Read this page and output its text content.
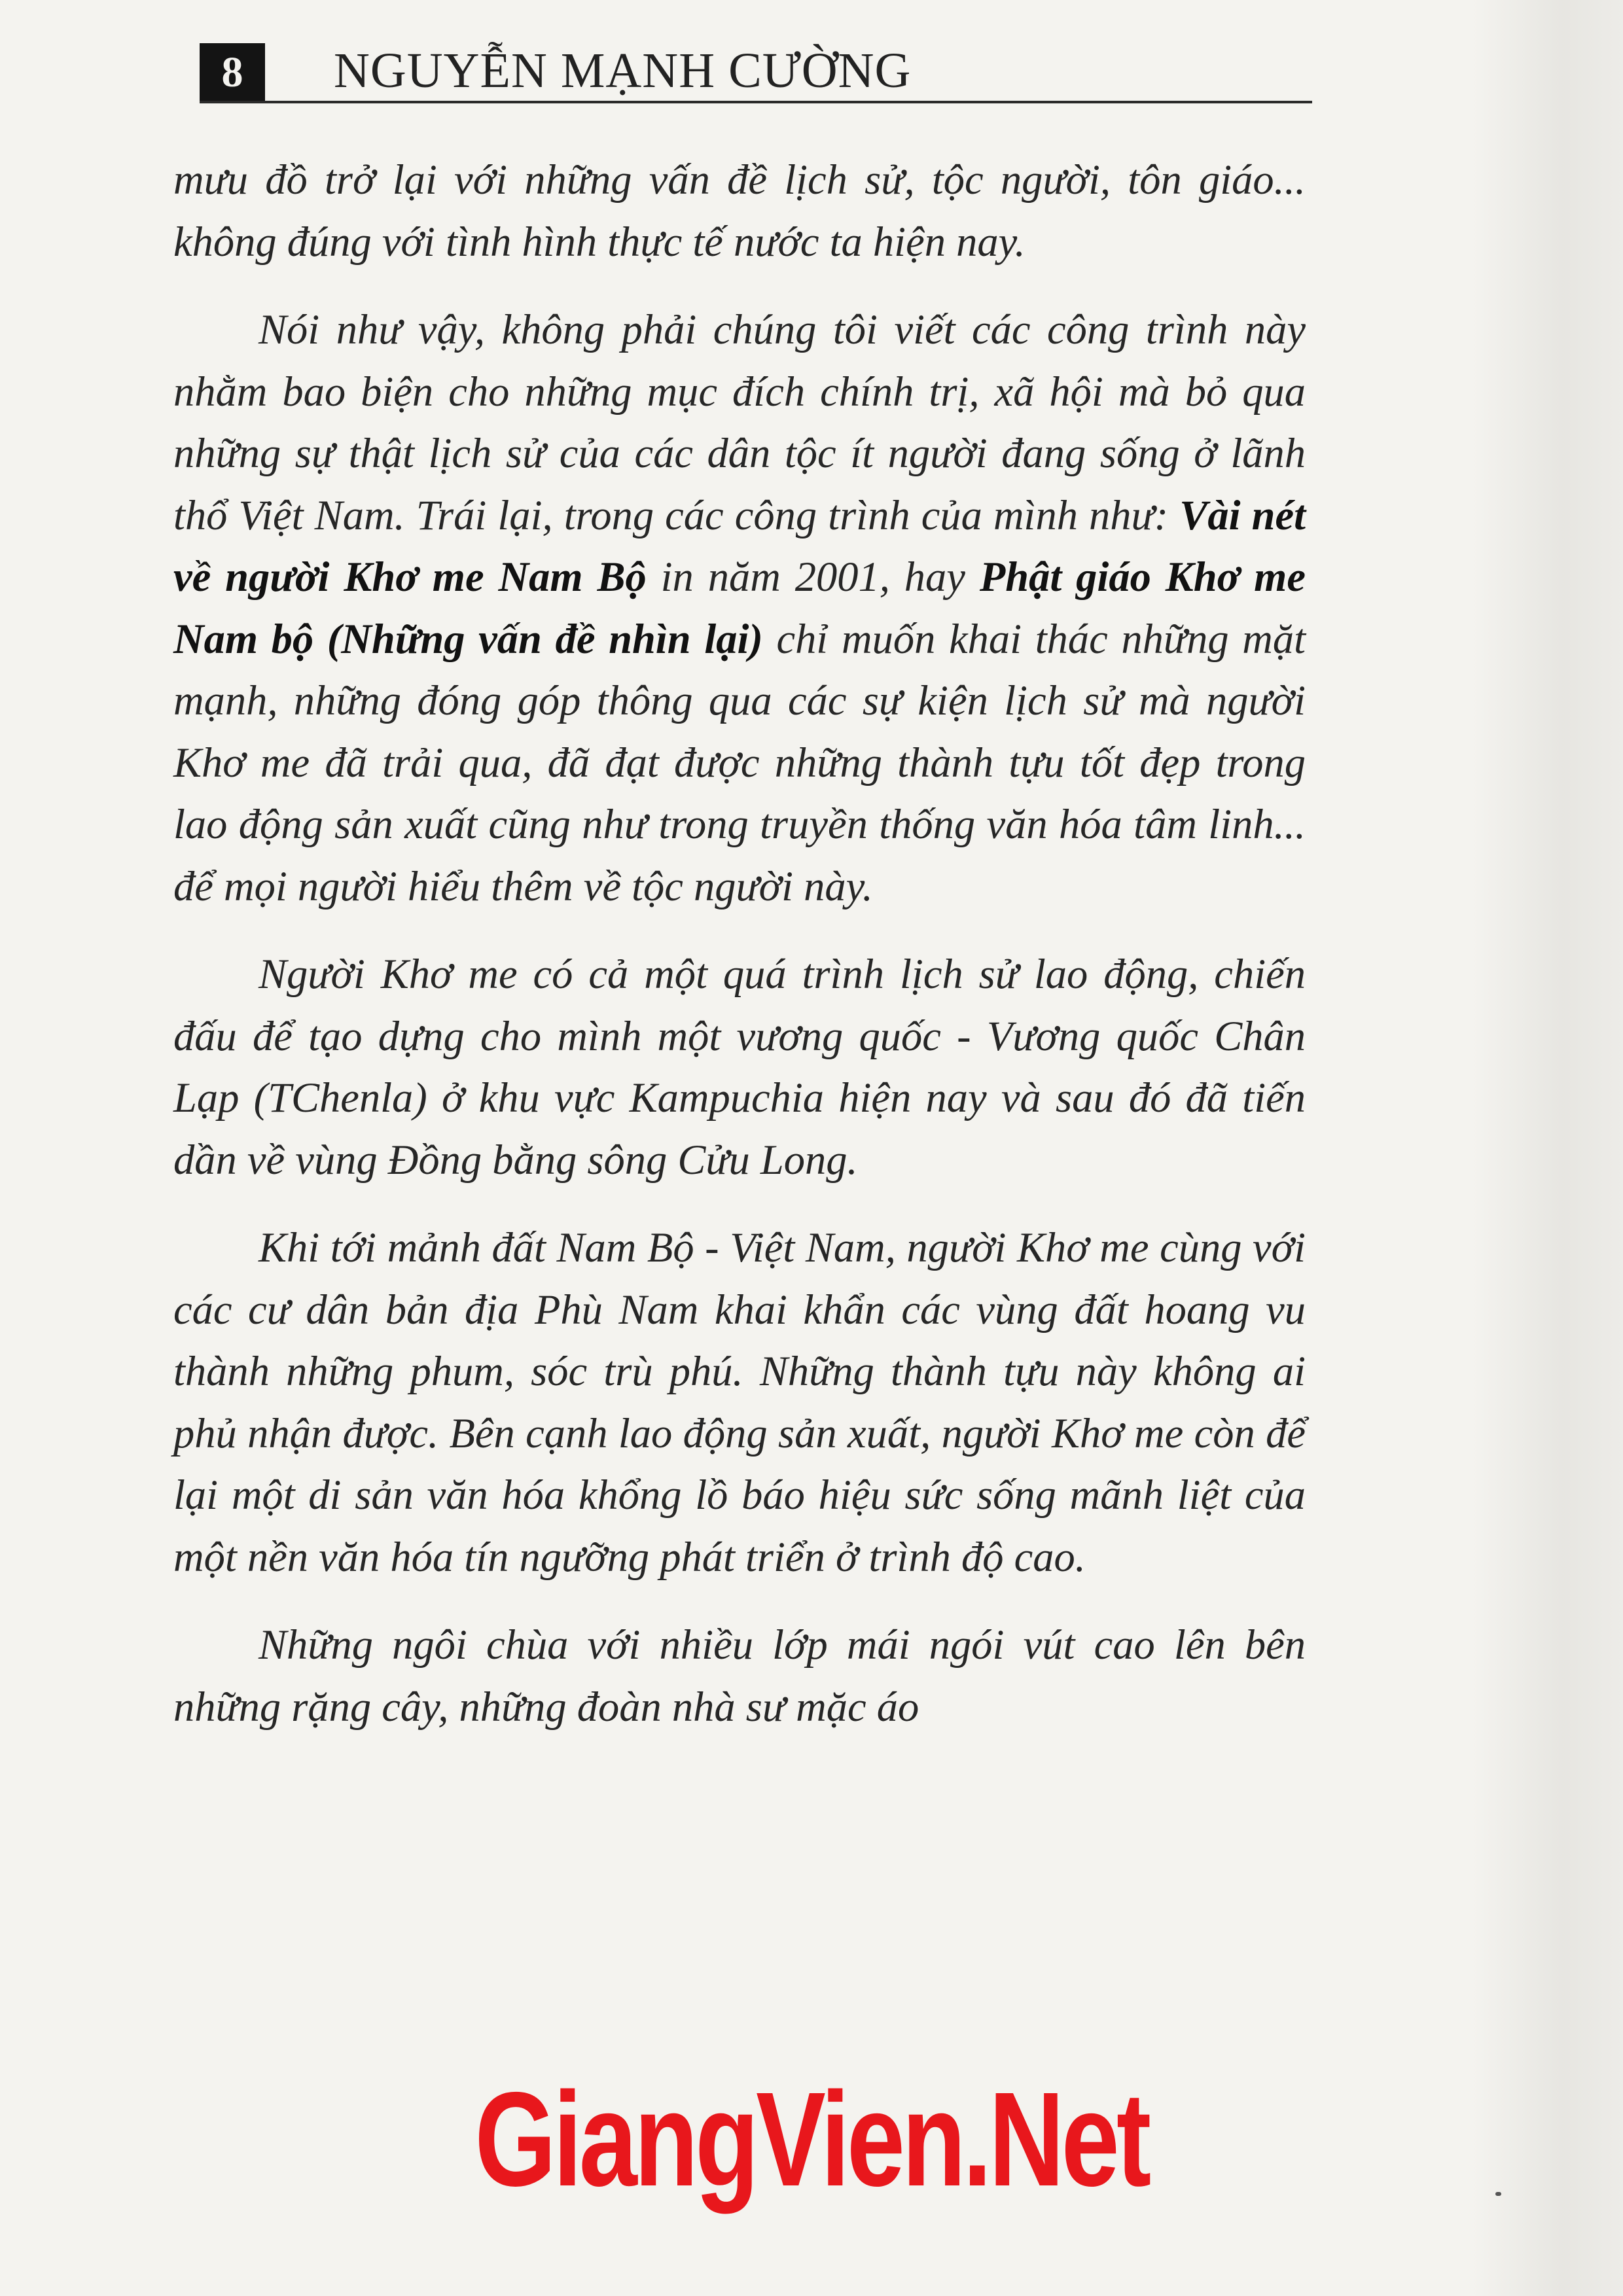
8	NGUYỄN MẠNH CƯỜNG

mưu đồ trở lại với những vấn đề lịch sử, tộc người, tôn giáo... không đúng với tình hình thực tế nước ta hiện nay.

Nói như vậy, không phải chúng tôi viết các công trình này nhằm bao biện cho những mục đích chính trị, xã hội mà bỏ qua những sự thật lịch sử của các dân tộc ít người đang sống ở lãnh thổ Việt Nam. Trái lại, trong các công trình của mình như: Vài nét về người Khơ me Nam Bộ in năm 2001, hay Phật giáo Khơ me Nam bộ (Những vấn đề nhìn lại) chỉ muốn khai thác những mặt mạnh, những đóng góp thông qua các sự kiện lịch sử mà người Khơ me đã trải qua, đã đạt được những thành tựu tốt đẹp trong lao động sản xuất cũng như trong truyền thống văn hóa tâm linh... để mọi người hiểu thêm về tộc người này.

Người Khơ me có cả một quá trình lịch sử lao động, chiến đấu để tạo dựng cho mình một vương quốc - Vương quốc Chân Lạp (TChenla) ở khu vực Kampuchia hiện nay và sau đó đã tiến dần về vùng Đồng bằng sông Cửu Long.

Khi tới mảnh đất Nam Bộ - Việt Nam, người Khơ me cùng với các cư dân bản địa Phù Nam khai khẩn các vùng đất hoang vu thành những phum, sóc trù phú. Những thành tựu này không ai phủ nhận được. Bên cạnh lao động sản xuất, người Khơ me còn để lại một di sản văn hóa khổng lồ báo hiệu sức sống mãnh liệt của một nền văn hóa tín ngưỡng phát triển ở trình độ cao.

Những ngôi chùa với nhiều lớp mái ngói vút cao lên bên những rặng cây, những đoàn nhà sư mặc áo

GiangVien.Net
